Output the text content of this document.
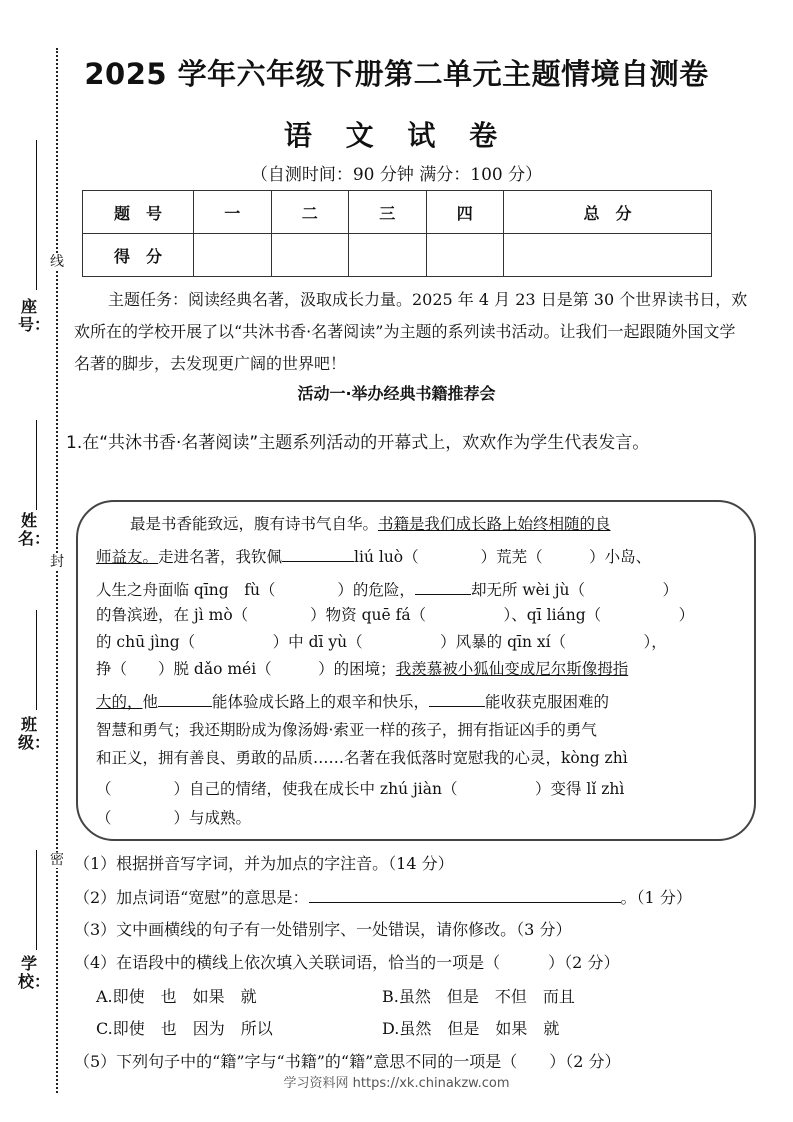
座号：
姓名：
班级：
学校：
线
封
密
2025 学年六年级下册第二单元主题情境自测卷
语 文 试 卷
（自测时间：90 分钟 满分：100 分）
题　号	一	二	三	四	总　分
得　分					
主题任务：阅读经典名著，汲取成长力量。2025 年 4 月 23 日是第 30 个世界读书日，欢欢所在的学校开展了以“共沐书香·名著阅读”为主题的系列读书活动。让我们一起跟随外国文学名著的脚步，去发现更广阔的世界吧！
活动一·举办经典书籍推荐会
1.在“共沐书香·名著阅读”主题系列活动的开幕式上，欢欢作为学生代表发言。
最是书香能致远，腹有诗书气自华。书籍是我们成长路上始终相随的良
师益友。走进名著，我钦佩	liú luò（　　　　）荒芜（　　　）小岛、
人生之舟面临 qīng　fù（　　　　）的危险，	却无所 wèi jù（　　　　　）
的鲁滨逊，在 jì mò（　　　　）物资 quē fá（　　　　　）、qī liáng（　　　　　）
的 chū jìng（　　　　　）中 dī yù（　　　　　）风暴的 qīn xí（　　　　　），
挣（　　）脱 dǎo méi（　　　）的困境；我羡慕被小狐仙变成尼尔斯像拇指
大的，他	能体验成长路上的艰辛和快乐，	能收获克服困难的
智慧和勇气；我还期盼成为像汤姆·索亚一样的孩子，拥有指证凶手的勇气
和正义，拥有善良、勇敢的品质……名著在我低落时宽慰我的心灵，kòng zhì
（　　　　）自己的情绪，使我在成长中 zhú jiàn（　　　　　）变得 lǐ zhì
（　　　　）与成熟。
（1）根据拼音写字词，并为加点的字注音。（14 分）
（2）加点词语“宽慰”的意思是：	。（1 分）
（3）文中画横线的句子有一处错别字、一处错误，请你修改。（3 分）
（4）在语段中的横线上依次填入关联词语，恰当的一项是（　　　）（2 分）
A.即使　也　如果　就	B.虽然　但是　不但　而且
C.即使　也　因为　所以	D.虽然　但是　如果　就
（5）下列句子中的“籍”字与“书籍”的“籍”意思不同的一项是（　　）（2 分）
学习资料网 https://xk.chinakzw.com
